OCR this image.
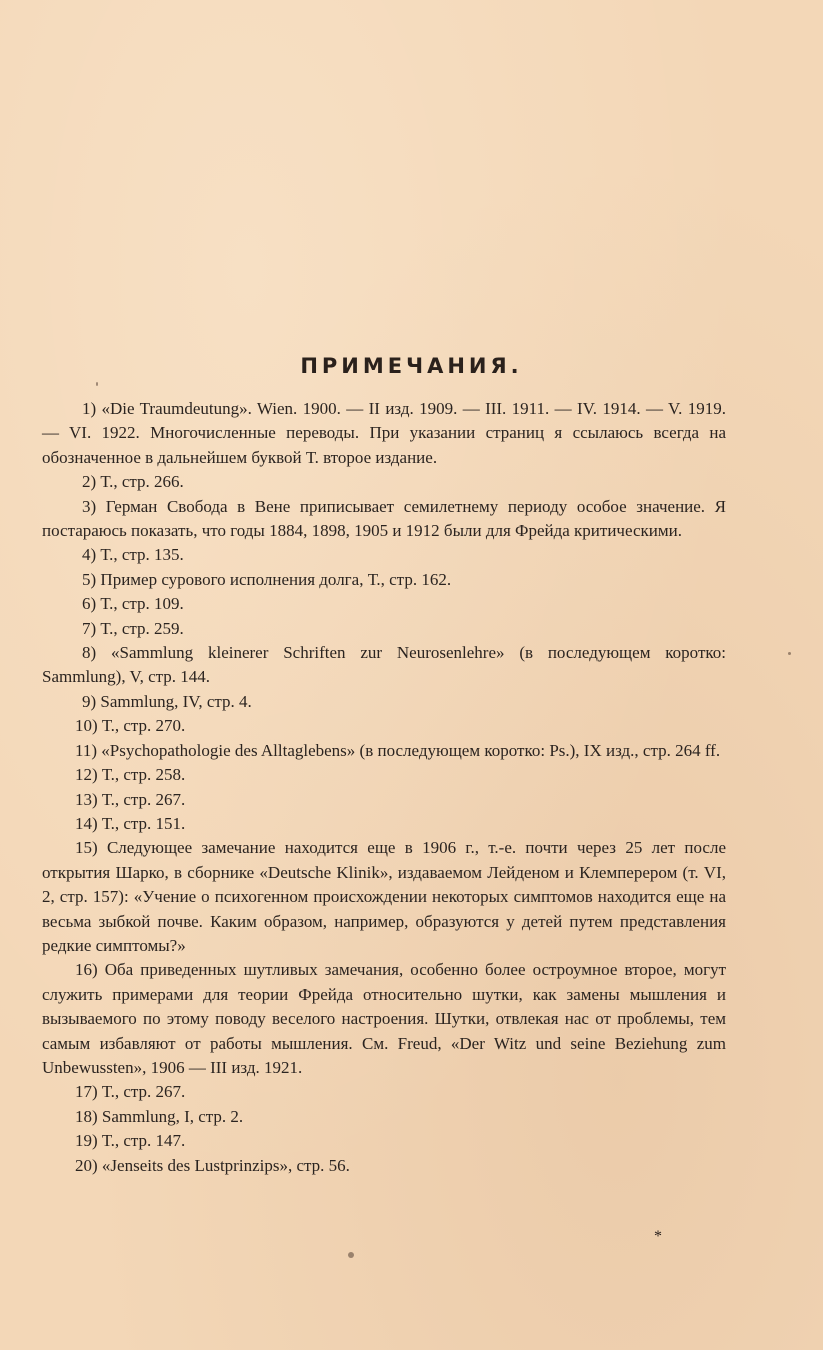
ПРИМЕЧАНИЯ.

1) «Die Traumdeutung». Wien. 1900. — II изд. 1909. — III. 1911. — IV. 1914. — V. 1919. — VI. 1922. Многочисленные переводы. При указании страниц я ссылаюсь всегда на обозначенное в дальнейшем буквой Т. второе издание.

2) Т., стр. 266.

3) Герман Свобода в Вене приписывает семилетнему периоду особое значение. Я постараюсь показать, что годы 1884, 1898, 1905 и 1912 были для Фрейда критическими.

4) Т., стр. 135.

5) Пример сурового исполнения долга, Т., стр. 162.

6) Т., стр. 109.

7) Т., стр. 259.

8) «Sammlung kleinerer Schriften zur Neurosenlehre» (в последующем коротко: Sammlung), V, стр. 144.

9) Sammlung, IV, стр. 4.

10) Т., стр. 270.

11) «Psychopathologie des Alltaglebens» (в последующем коротко: Ps.), IX изд., стр. 264 ff.

12) Т., стр. 258.

13) Т., стр. 267.

14) Т., стр. 151.

15) Следующее замечание находится еще в 1906 г., т.-е. почти через 25 лет после открытия Шарко, в сборнике «Deutsche Klinik», издаваемом Лейденом и Клемперером (т. VI, 2, стр. 157): «Учение о психогенном происхождении некоторых симптомов находится еще на весьма зыбкой почве. Каким образом, например, образуются у детей путем представления редкие симптомы?»

16) Оба приведенных шутливых замечания, особенно более остроумное второе, могут служить примерами для теории Фрейда относительно шутки, как замены мышления и вызываемого по этому поводу веселого настроения. Шутки, отвлекая нас от проблемы, тем самым избавляют от работы мышления. См. Freud, «Der Witz und seine Beziehung zum Unbewussten», 1906 — III изд. 1921.

17) Т., стр. 267.

18) Sammlung, I, стр. 2.

19) Т., стр. 147.

20) «Jenseits des Lustprinzips», стр. 56.

*
